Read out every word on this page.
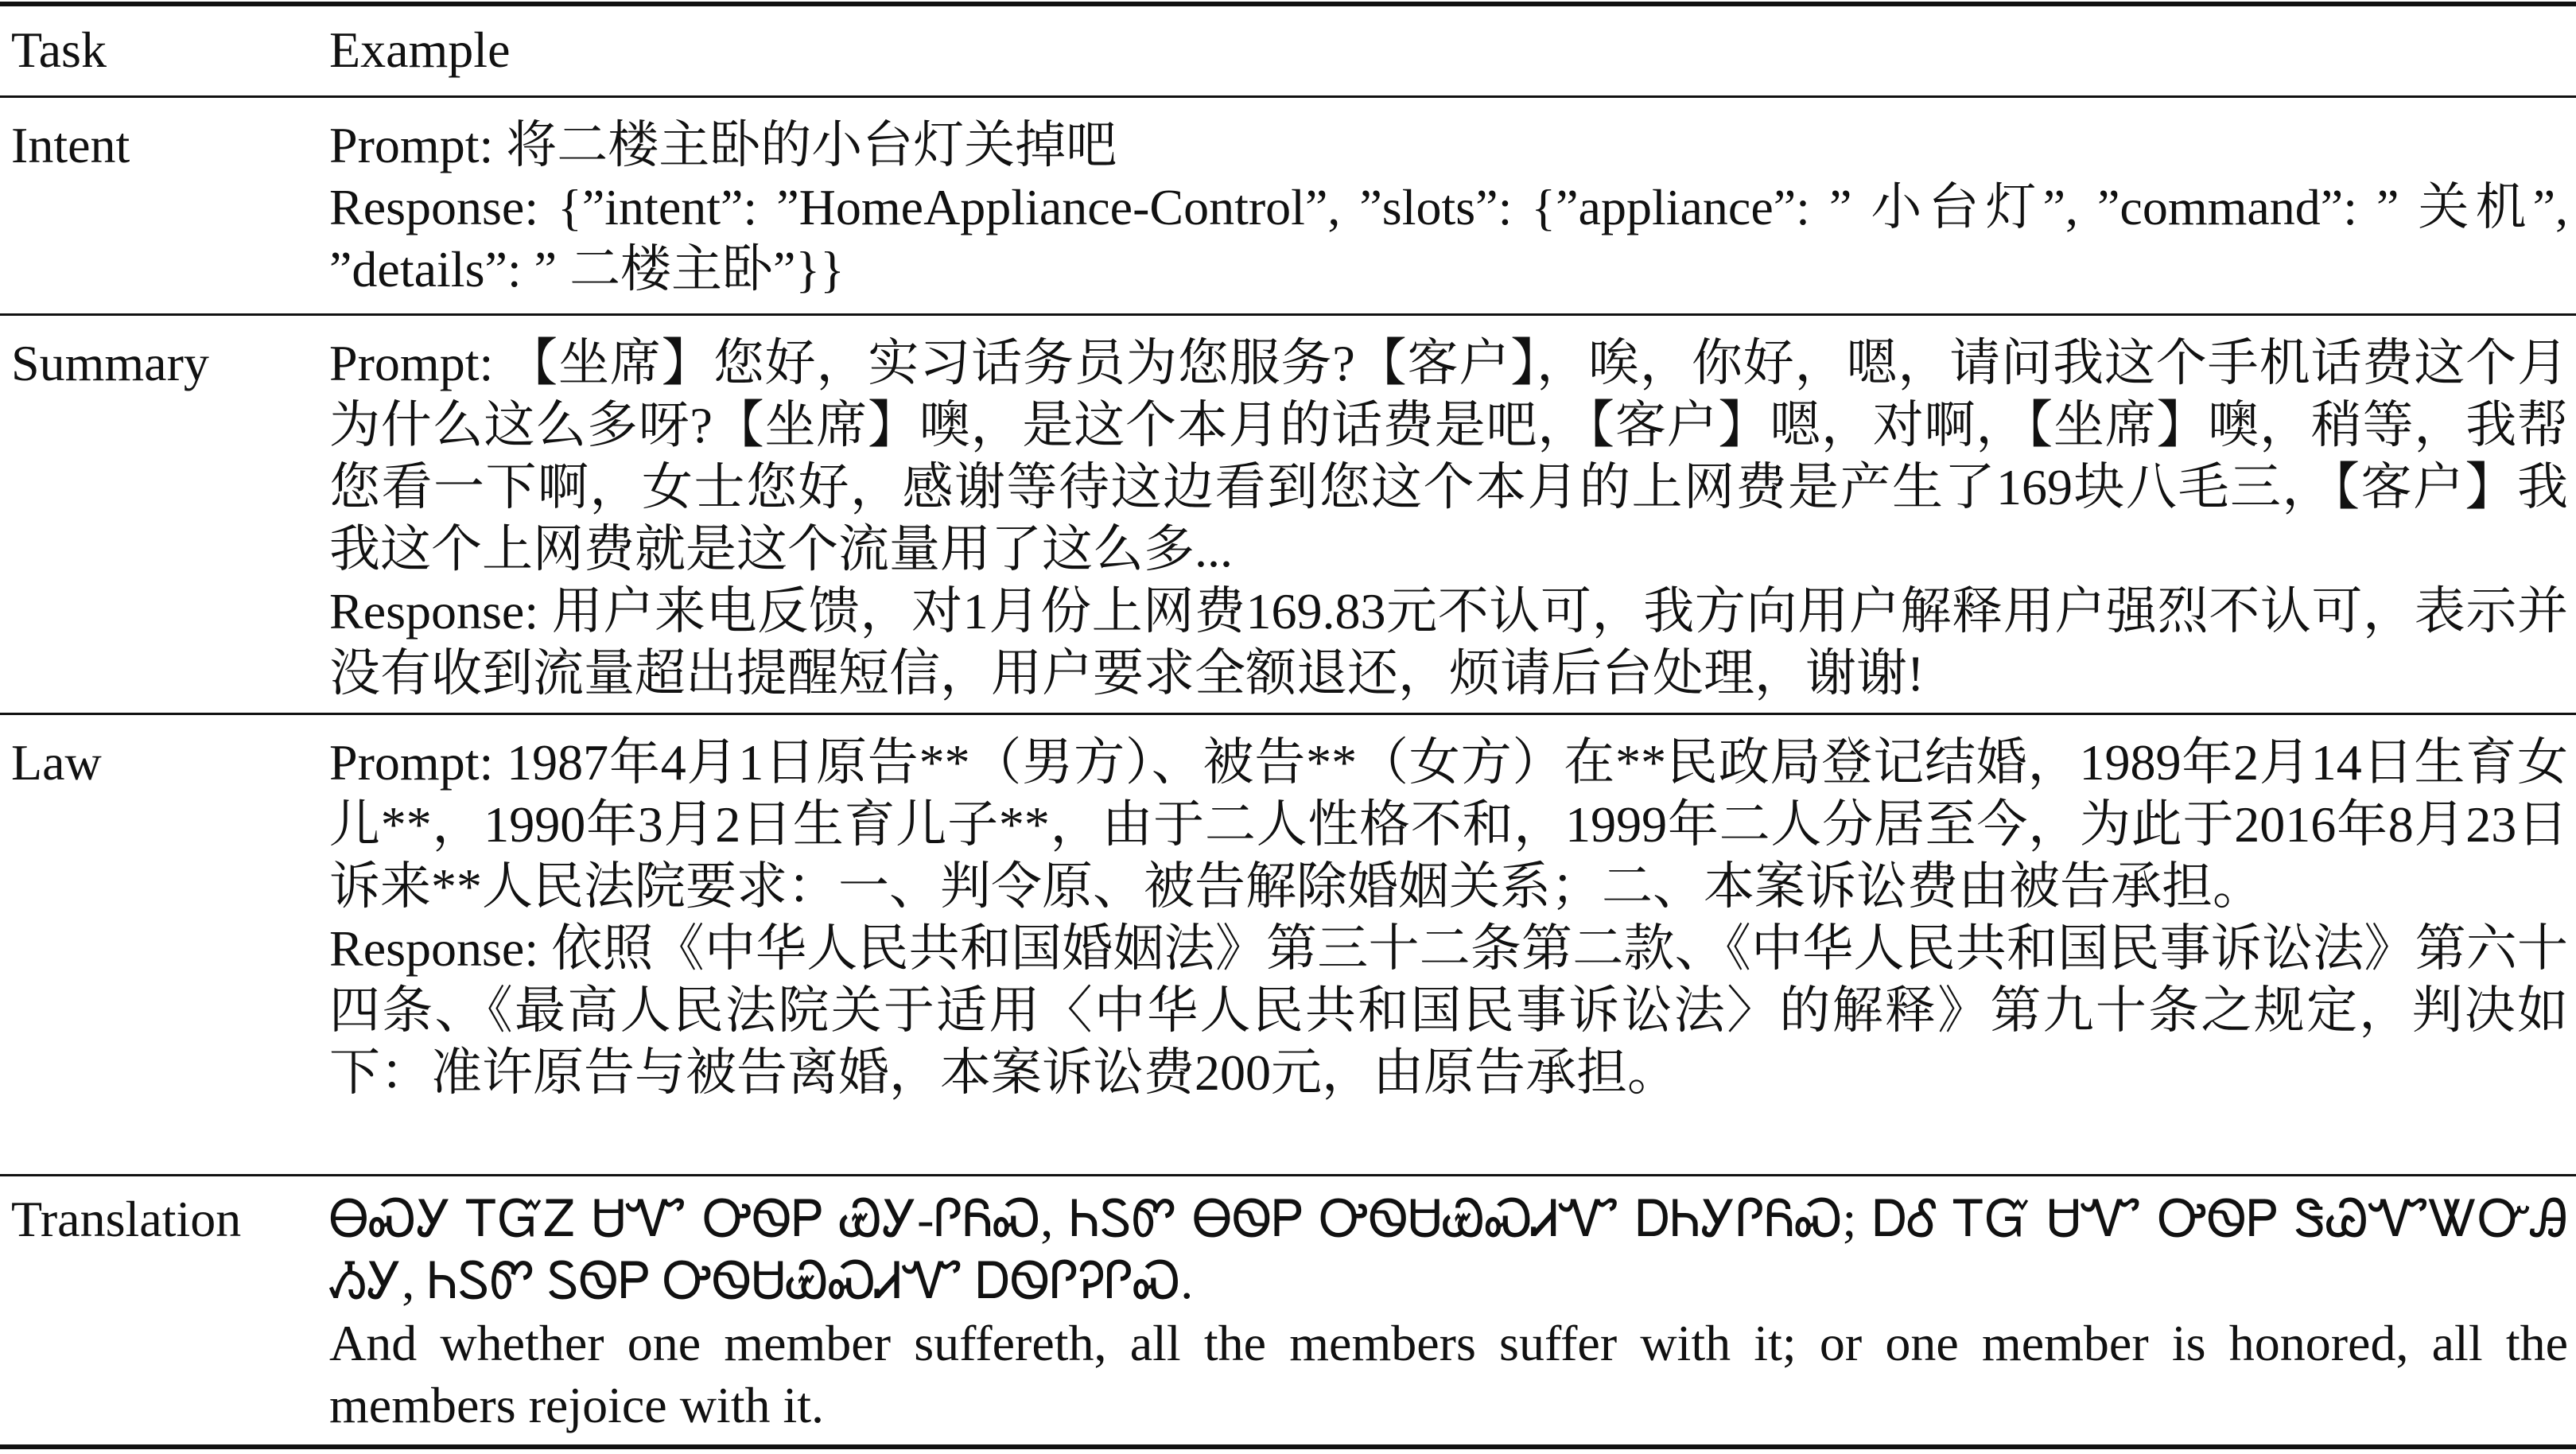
Task	Example
Intent	Prompt: 将二楼主卧的小台灯关掉吧

Response: {”intent”: ”HomeAppliance-Control”, ”slots”: {”appliance”: ” 小台灯”, ”command”: ” 关机”, ”details”: ” 二楼主卧”}}

Summary Prompt: 【坐席】您好，实习话务员为您服务?【客户】，唉，你好，嗯，请问我这个手机话费这个月为什么这么多呀?【坐席】噢，是这个本月的话费是吧，【客户】嗯，对啊，【坐席】噢，稍等，我帮您看一下啊，女士您好，感谢等待这边看到您这个本月的上网费是产生了169块八毛三，【客户】我我这个上网费就是这个流量用了这么多...

Response: 用户来电反馈，对1月份上网费169.83元不认可，我方向用户解释用户强烈不认可，表示并没有收到流量超出提醒短信，用户要求全额退还，烦请后台处理，谢谢!

Law	Prompt: 1987年4月1日原告**（男方）、被告**（女方）在**民政局登记结婚，1989年2月14日生育女儿**，1990年3月2日生育儿子**，由于二人性格不和，1999年二人分居至今，为此于2016年8月23日诉来**人民法院要求：一、判令原、被告解除婚姻关系；二、本案诉讼费由被告承担。

Response: 依照《中华人民共和国婚姻法》第三十二条第二款、《中华人民共和国民事诉讼法》第六十四条、《最高人民法院关于适用〈中华人民共和国民事诉讼法〉的解释》第九十条之规定，判决如下：准许原告与被告离婚，本案诉讼费200元，由原告承担。

Translation ᎾᏍᎩ ᎢᏳᏃ ᏌᏉ ᎤᏫᏢ ᏯᎩ-ᎵᏲᏍ, ᏂᏚᏛ ᎾᏫᏢ ᎤᏫᏌᏯᏍᏗᏉ ᎠᏂᎩᎵᏲᏍ; ᎠᎴ ᎢᏳ ᏌᏉ ᎤᏫᏢ ᏕᏊᏉᏔᏅᎯ ᏱᎩ, ᏂᏚᏛ ᏚᏫᏢ ᎤᏫᏌᏯᏍᏗᏉ ᎠᏫᎵᎮᎵᏍ.

And whether one member suffereth, all the members suffer with it; or one member is honored, all the members rejoice with it.
